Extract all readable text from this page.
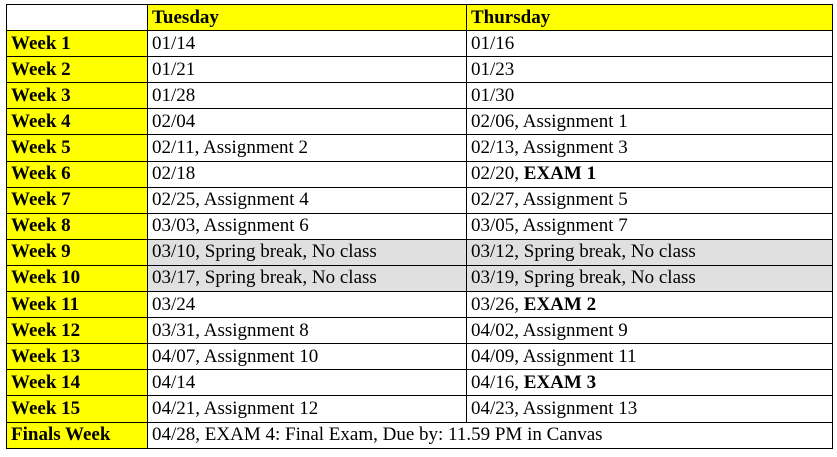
	Tuesday	Thursday
Week 1	01/14	01/16
Week 2	01/21	01/23
Week 3	01/28	01/30
Week 4	02/04	02/06, Assignment 1
Week 5	02/11, Assignment 2	02/13, Assignment 3
Week 6	02/18	02/20, EXAM 1
Week 7	02/25, Assignment 4	02/27, Assignment 5
Week 8	03/03, Assignment 6	03/05, Assignment 7
Week 9	03/10, Spring break, No class	03/12, Spring break, No class
Week 10	03/17, Spring break, No class	03/19, Spring break, No class
Week 11	03/24	03/26, EXAM 2
Week 12	03/31, Assignment 8	04/02, Assignment 9
Week 13	04/07, Assignment 10	04/09, Assignment 11
Week 14	04/14	04/16, EXAM 3
Week 15	04/21, Assignment 12	04/23, Assignment 13
Finals Week	04/28, EXAM 4: Final Exam, Due by: 11.59 PM in Canvas	
